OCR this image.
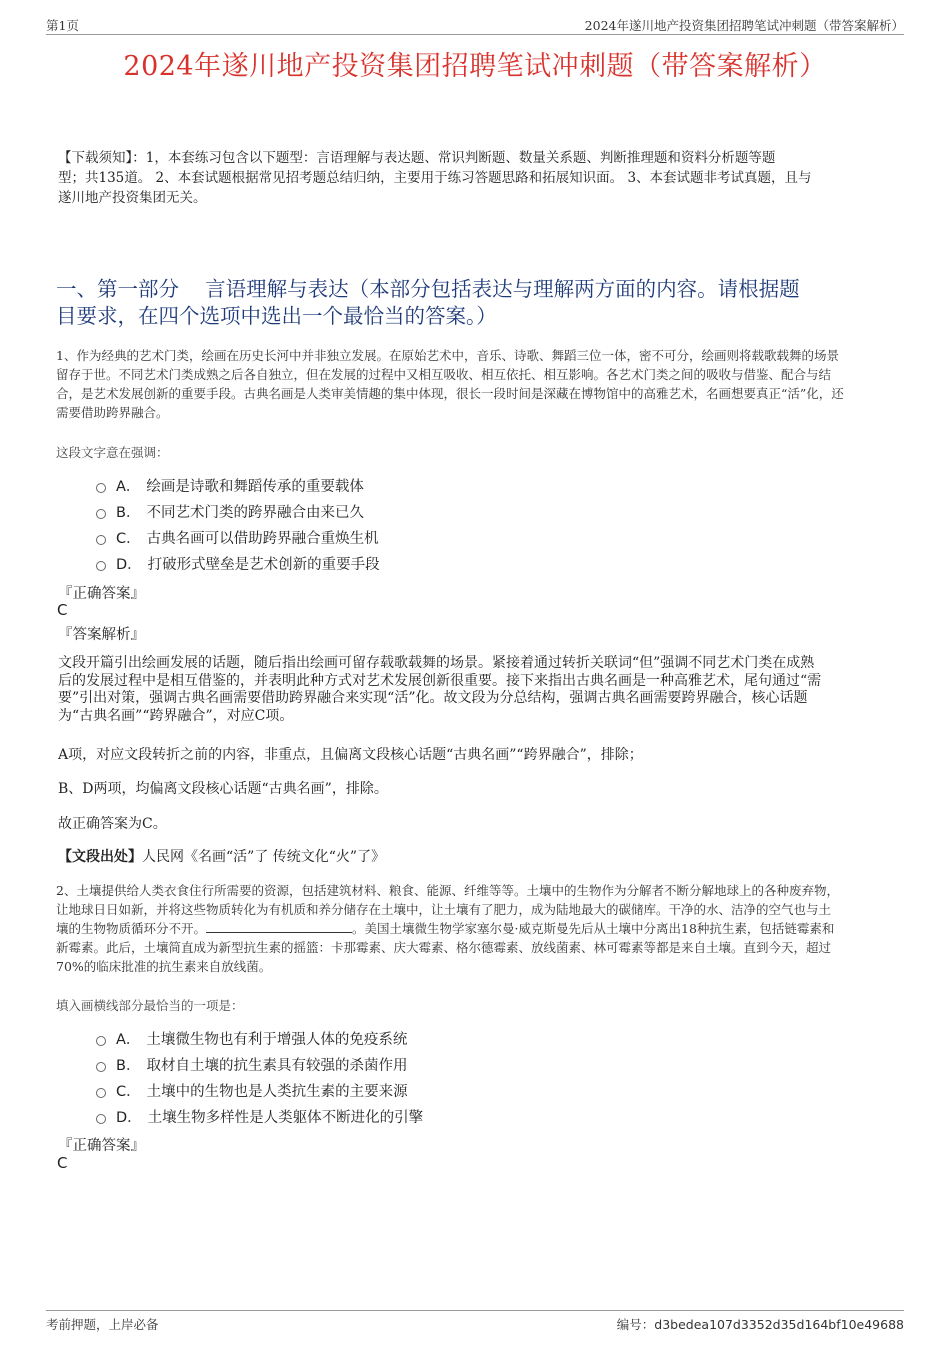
第1页	2024年遂川地产投资集团招聘笔试冲刺题（带答案解析）
2024年遂川地产投资集团招聘笔试冲刺题（带答案解析）
【下载须知】：1，本套练习包含以下题型：言语理解与表达题、常识判断题、数量关系题、判断推理题和资料分析题等题
型；共135道。 2、本套试题根据常见招考题总结归纳，主要用于练习答题思路和拓展知识面。 3、本套试题非考试真题，且与
遂川地产投资集团无关。
一、第一部分    言语理解与表达（本部分包括表达与理解两方面的内容。请根据题
目要求，在四个选项中选出一个最恰当的答案。）
1、作为经典的艺术门类，绘画在历史长河中并非独立发展。在原始艺术中，音乐、诗歌、舞蹈三位一体，密不可分，绘画则将载歌载舞的场景
留存于世。不同艺术门类成熟之后各自独立，但在发展的过程中又相互吸收、相互依托、相互影响。各艺术门类之间的吸收与借鉴、配合与结
合，是艺术发展创新的重要手段。古典名画是人类审美情趣的集中体现，很长一段时间是深藏在博物馆中的高雅艺术，名画想要真正“活”化，还
需要借助跨界融合。
这段文字意在强调：
A． 绘画是诗歌和舞蹈传承的重要载体
B． 不同艺术门类的跨界融合由来已久
C． 古典名画可以借助跨界融合重焕生机
D． 打破形式壁垒是艺术创新的重要手段
『正确答案』
C
『答案解析』
文段开篇引出绘画发展的话题，随后指出绘画可留存载歌载舞的场景。紧接着通过转折关联词“但”强调不同艺术门类在成熟
后的发展过程中是相互借鉴的，并表明此种方式对艺术发展创新很重要。接下来指出古典名画是一种高雅艺术，尾句通过“需
要”引出对策，强调古典名画需要借助跨界融合来实现“活”化。故文段为分总结构，强调古典名画需要跨界融合，核心话题
为“古典名画”“跨界融合”，对应C项。
A项，对应文段转折之前的内容，非重点，且偏离文段核心话题“古典名画”“跨界融合”，排除；
B、D两项，均偏离文段核心话题“古典名画”，排除。
故正确答案为C。
【文段出处】人民网《名画“活”了 传统文化“火”了》
2、土壤提供给人类衣食住行所需要的资源，包括建筑材料、粮食、能源、纤维等等。土壤中的生物作为分解者不断分解地球上的各种废弃物，
让地球日日如新，并将这些物质转化为有机质和养分储存在土壤中，让土壤有了肥力，成为陆地最大的碳储库。干净的水、洁净的空气也与土
壤的生物物质循环分不开。	。美国土壤微生物学家塞尔曼·威克斯曼先后从土壤中分离出18种抗生素，包括链霉素和
新霉素。此后，土壤简直成为新型抗生素的摇篮：卡那霉素、庆大霉素、格尔德霉素、放线菌素、林可霉素等都是来自土壤。直到今天，超过
70%的临床批准的抗生素来自放线菌。
填入画横线部分最恰当的一项是：
A． 土壤微生物也有利于增强人体的免疫系统
B． 取材自土壤的抗生素具有较强的杀菌作用
C． 土壤中的生物也是人类抗生素的主要来源
D． 土壤生物多样性是人类躯体不断进化的引擎
『正确答案』
C
考前押题，上岸必备	编号：d3bedea107d3352d35d164bf10e49688
